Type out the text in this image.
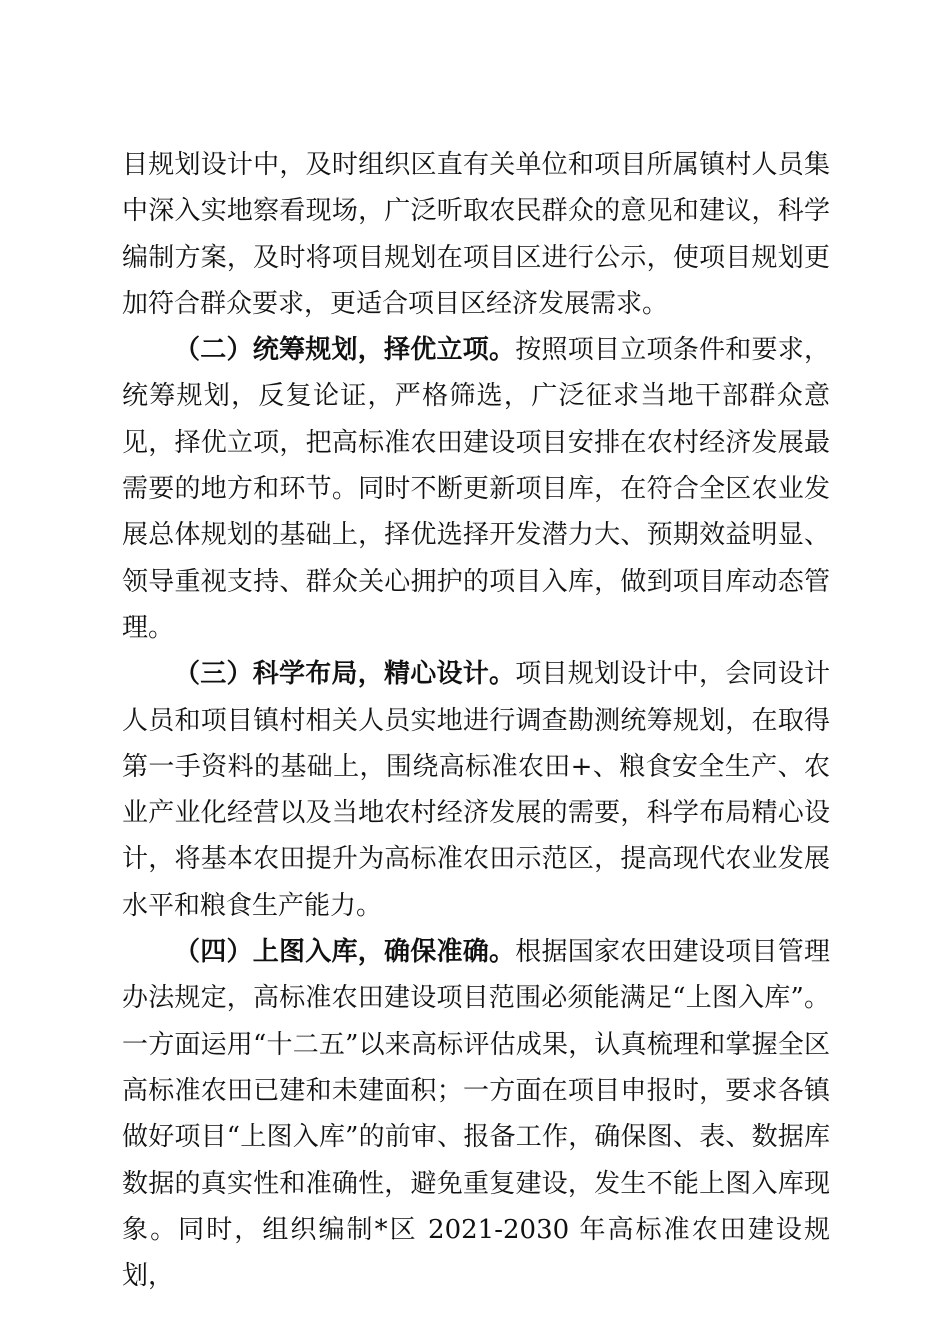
目规划设计中，及时组织区直有关单位和项目所属镇村人员集中深入实地察看现场，广泛听取农民群众的意见和建议，科学编制方案，及时将项目规划在项目区进行公示，使项目规划更加符合群众要求，更适合项目区经济发展需求。

（二）统筹规划，择优立项。按照项目立项条件和要求，统筹规划，反复论证，严格筛选，广泛征求当地干部群众意见，择优立项，把高标准农田建设项目安排在农村经济发展最需要的地方和环节。同时不断更新项目库，在符合全区农业发展总体规划的基础上，择优选择开发潜力大、预期效益明显、领导重视支持、群众关心拥护的项目入库，做到项目库动态管理。

（三）科学布局，精心设计。项目规划设计中，会同设计人员和项目镇村相关人员实地进行调查勘测统筹规划，在取得第一手资料的基础上，围绕高标准农田+、粮食安全生产、农业产业化经营以及当地农村经济发展的需要，科学布局精心设计，将基本农田提升为高标准农田示范区，提高现代农业发展水平和粮食生产能力。

（四）上图入库，确保准确。根据国家农田建设项目管理办法规定，高标准农田建设项目范围必须能满足“上图入库”。一方面运用“十二五”以来高标评估成果，认真梳理和掌握全区高标准农田已建和未建面积；一方面在项目申报时，要求各镇做好项目“上图入库”的前审、报备工作，确保图、表、数据库数据的真实性和准确性，避免重复建设，发生不能上图入库现象。同时，组织编制*区 2021-2030 年高标准农田建设规划，
